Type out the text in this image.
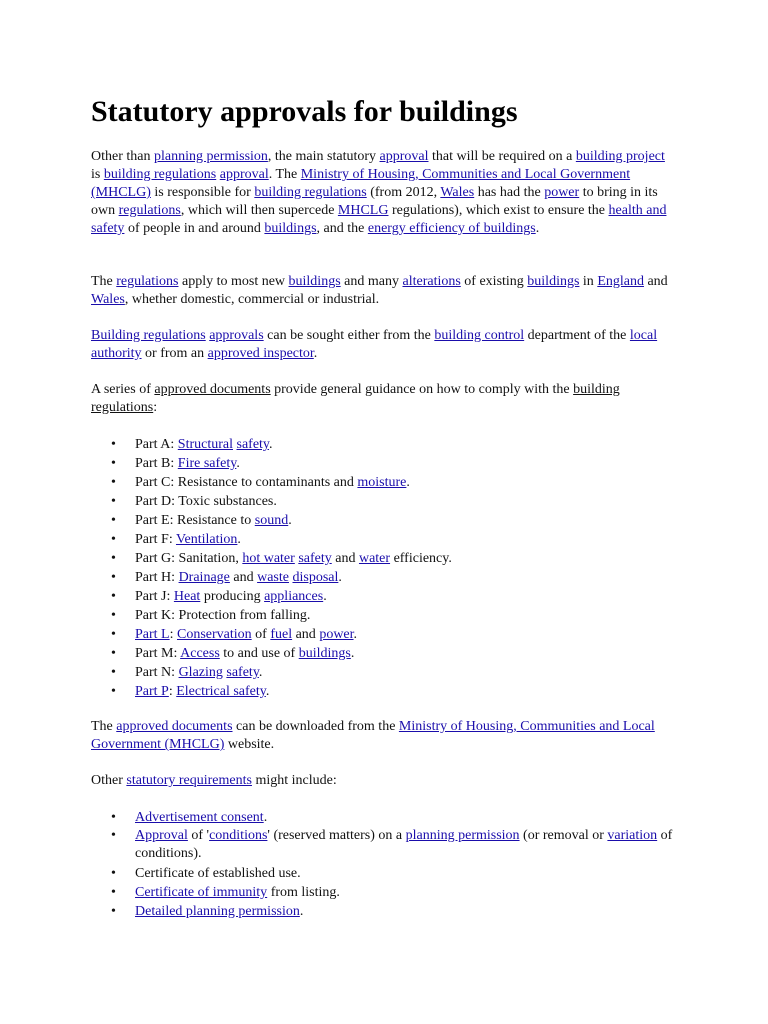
Statutory approvals for buildings

Other than planning permission, the main statutory approval that will be required on a building project is building regulations approval. The Ministry of Housing, Communities and Local Government (MHCLG) is responsible for building regulations (from 2012, Wales has had the power to bring in its own regulations, which will then supercede MHCLG regulations), which exist to ensure the health and safety of people in and around buildings, and the energy efficiency of buildings.

The regulations apply to most new buildings and many alterations of existing buildings in England and Wales, whether domestic, commercial or industrial.

Building regulations approvals can be sought either from the building control department of the local authority or from an approved inspector.

A series of approved documents provide general guidance on how to comply with the building regulations:

• Part A: Structural safety.
• Part B: Fire safety.
• Part C: Resistance to contaminants and moisture.
• Part D: Toxic substances.
• Part E: Resistance to sound.
• Part F: Ventilation.
• Part G: Sanitation, hot water safety and water efficiency.
• Part H: Drainage and waste disposal.
• Part J: Heat producing appliances.
• Part K: Protection from falling.
• Part L: Conservation of fuel and power.
• Part M: Access to and use of buildings.
• Part N: Glazing safety.
• Part P: Electrical safety.

The approved documents can be downloaded from the Ministry of Housing, Communities and Local Government (MHCLG) website.

Other statutory requirements might include:

• Advertisement consent.
• Approval of 'conditions' (reserved matters) on a planning permission (or removal or variation of conditions).
• Certificate of established use.
• Certificate of immunity from listing.
• Detailed planning permission.
